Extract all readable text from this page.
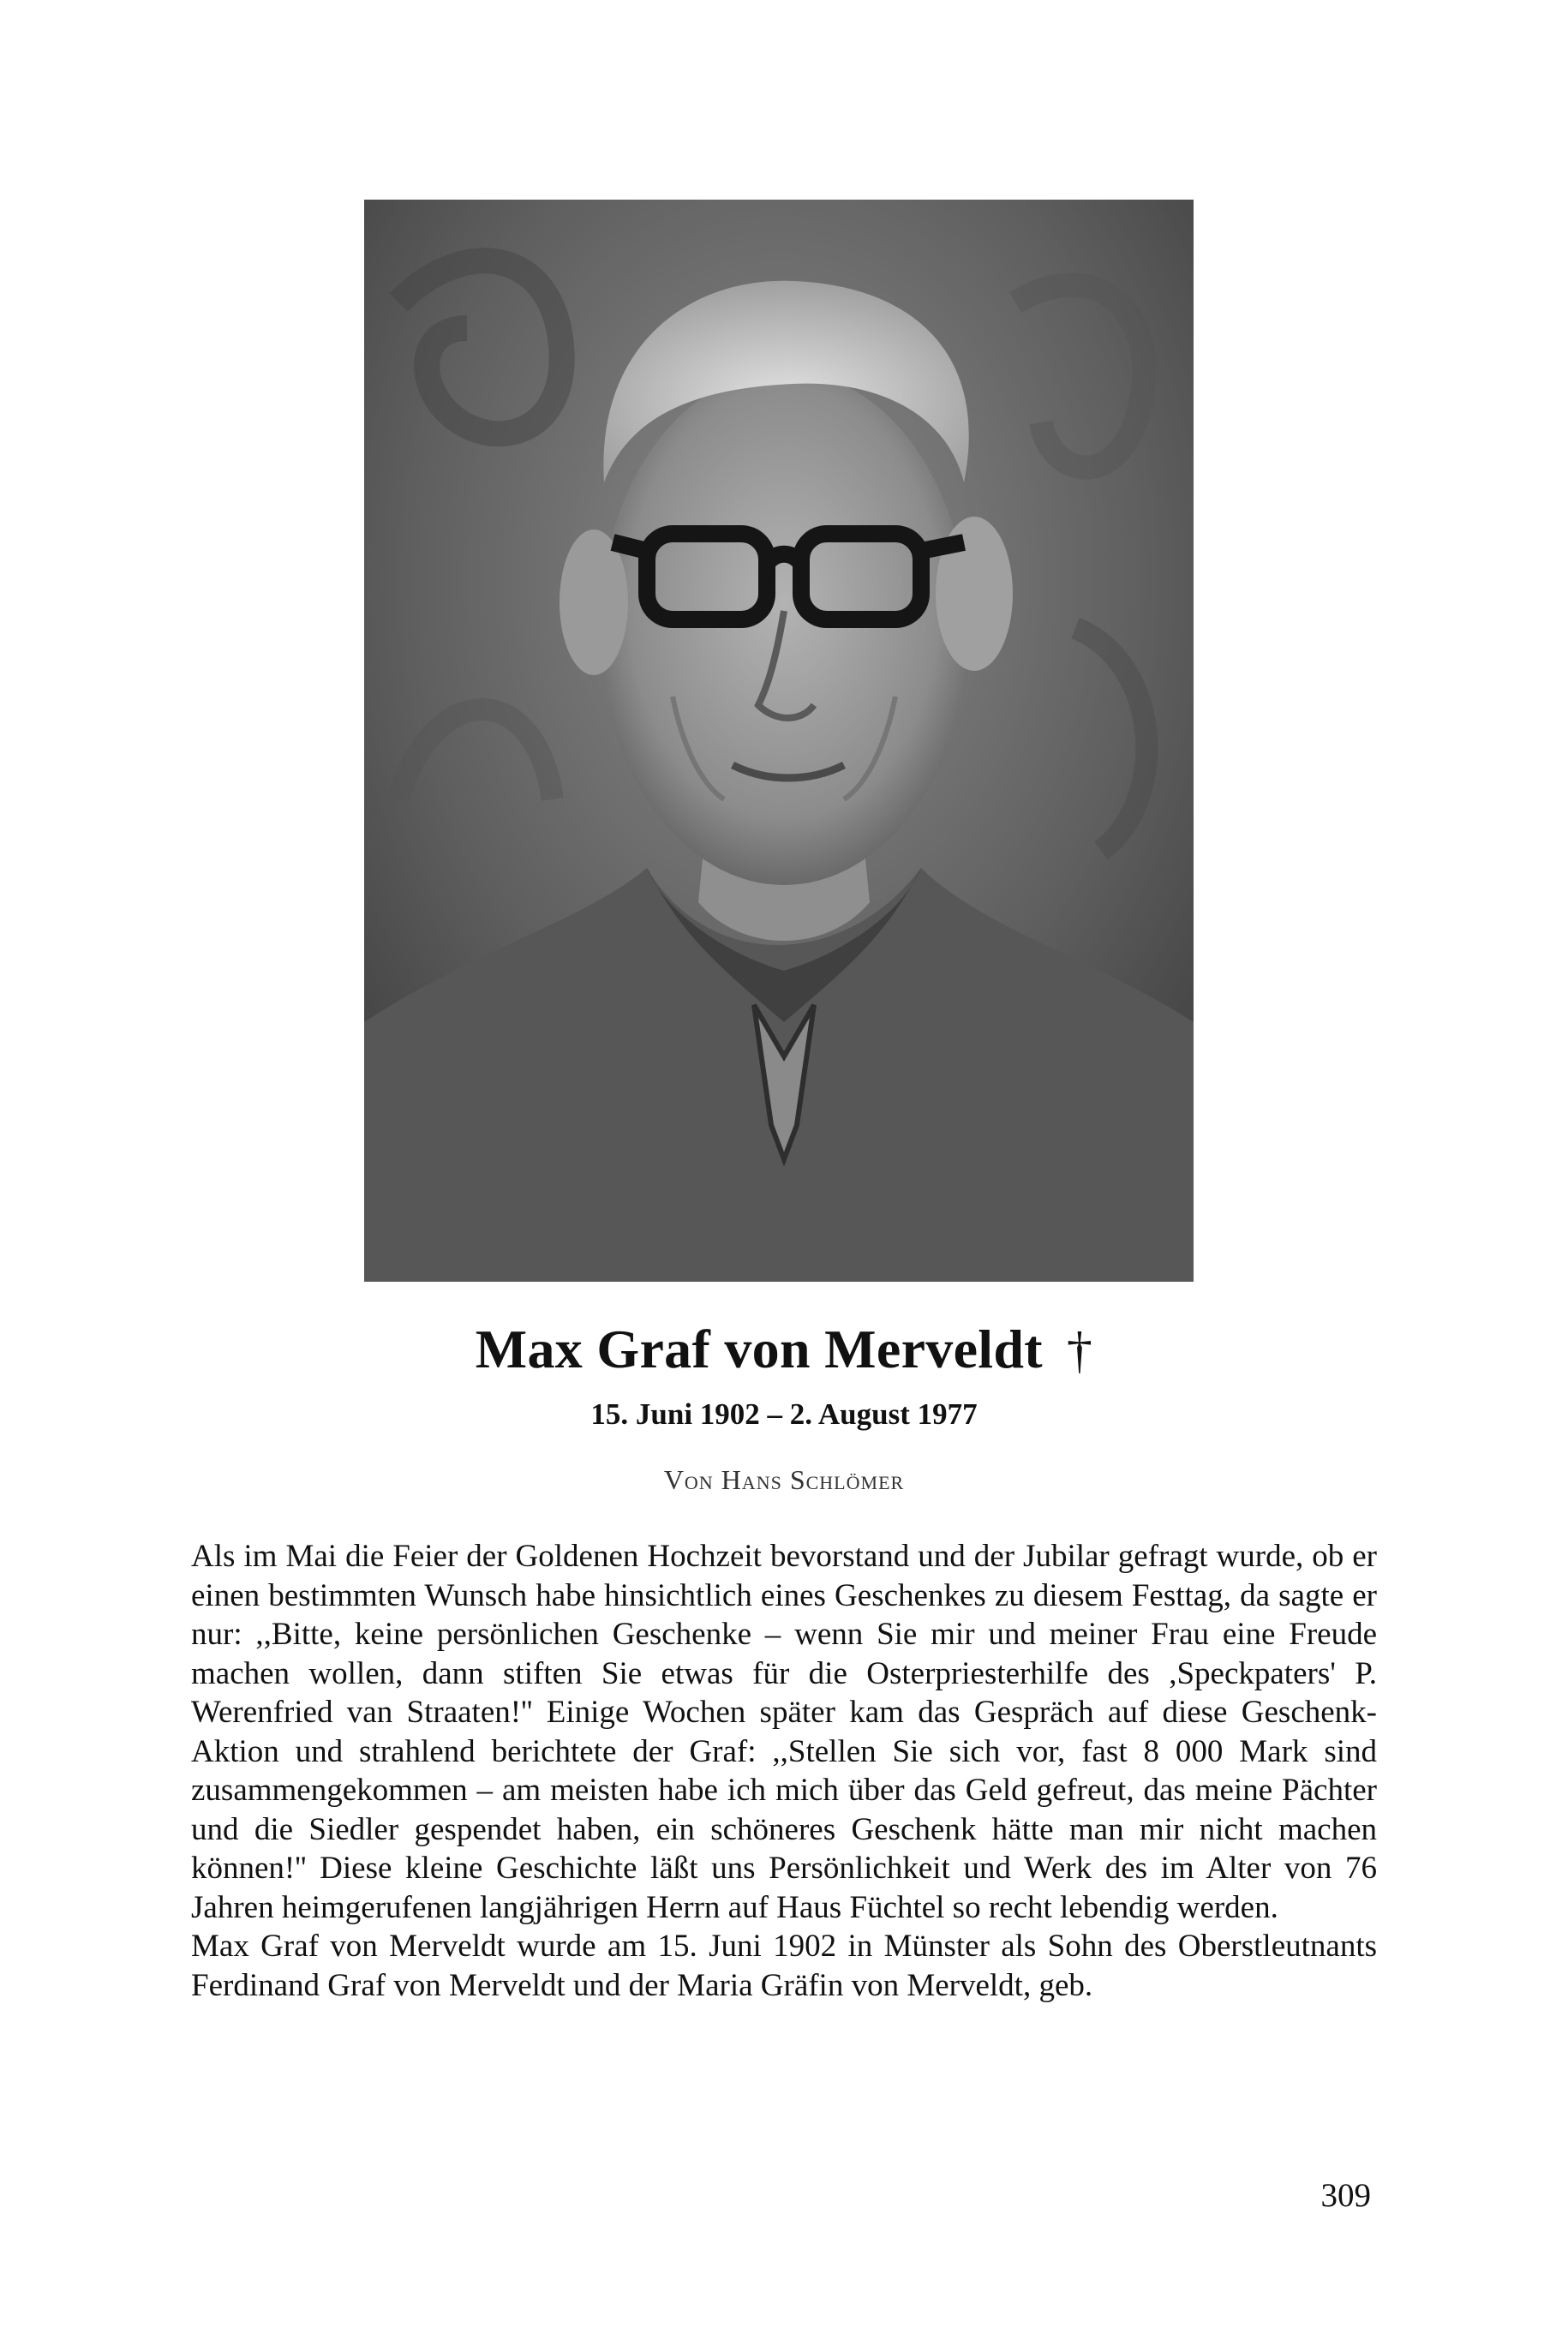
Max Graf von Merveldt †
15. Juni 1902 – 2. August 1977
Von Hans Schlömer

Als im Mai die Feier der Goldenen Hochzeit bevorstand und der Jubilar gefragt wurde, ob er einen bestimmten Wunsch habe hinsichtlich eines Geschenkes zu diesem Festtag, da sagte er nur: ,,Bitte, keine persönlichen Geschenke – wenn Sie mir und meiner Frau eine Freude machen wollen, dann stiften Sie etwas für die Osterpriesterhilfe des ,Speckpaters' P. Werenfried van Straaten!'' Einige Wochen später kam das Gespräch auf diese Geschenk-Aktion und strahlend berichtete der Graf: ,,Stellen Sie sich vor, fast 8 000 Mark sind zusammengekommen – am meisten habe ich mich über das Geld gefreut, das meine Pächter und die Siedler gespendet haben, ein schöneres Geschenk hätte man mir nicht machen können!'' Diese kleine Geschichte läßt uns Persönlichkeit und Werk des im Alter von 76 Jahren heimgerufenen langjährigen Herrn auf Haus Füchtel so recht lebendig werden.

Max Graf von Merveldt wurde am 15. Juni 1902 in Münster als Sohn des Oberstleutnants Ferdinand Graf von Merveldt und der Maria Gräfin von Merveldt, geb.

309
